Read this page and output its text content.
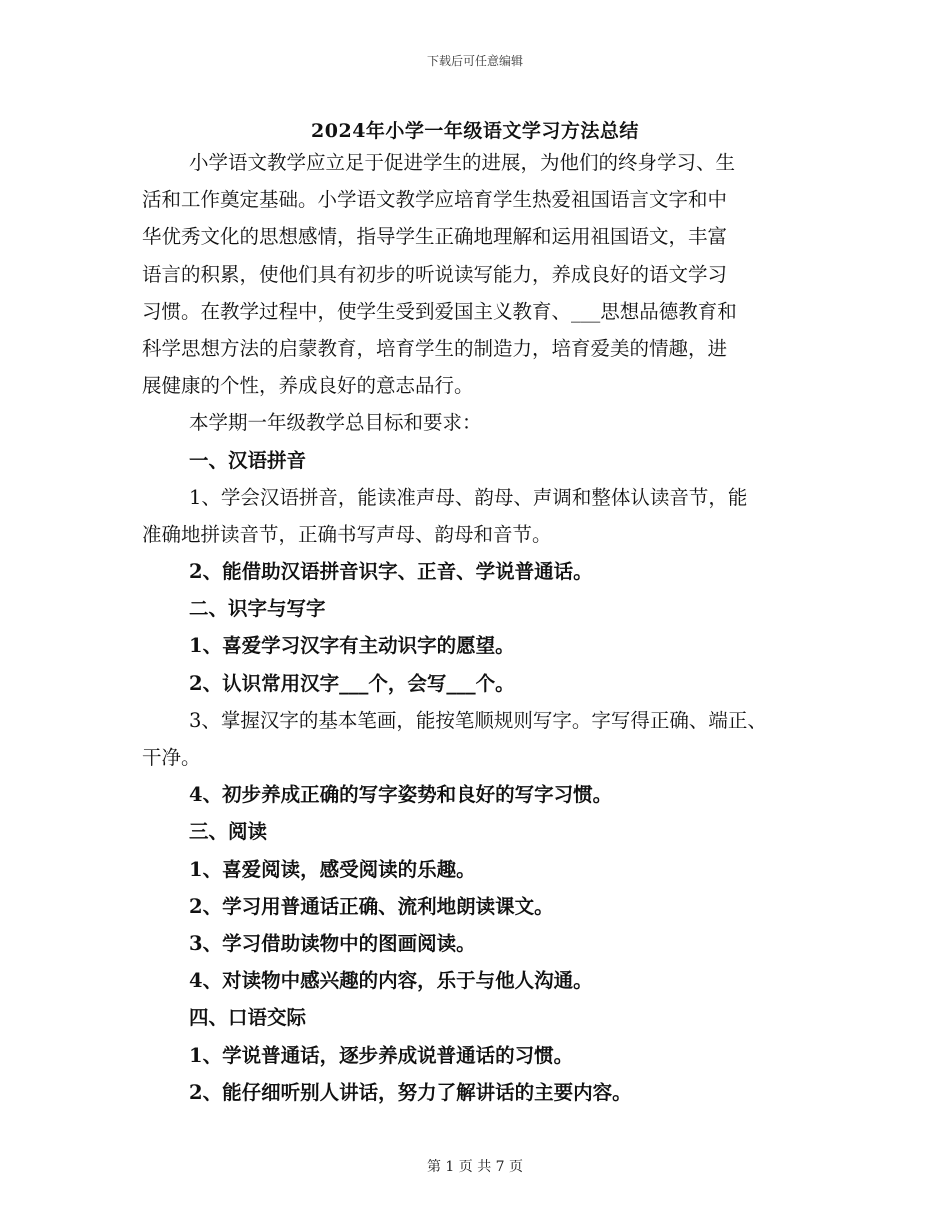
下载后可任意编辑
2024年小学一年级语文学习方法总结
小学语文教学应立足于促进学生的进展，为他们的终身学习、生
活和工作奠定基础。小学语文教学应培育学生热爱祖国语言文字和中
华优秀文化的思想感情，指导学生正确地理解和运用祖国语文，丰富
语言的积累，使他们具有初步的听说读写能力，养成良好的语文学习
习惯。在教学过程中，使学生受到爱国主义教育、___思想品德教育和
科学思想方法的启蒙教育，培育学生的制造力，培育爱美的情趣，进
展健康的个性，养成良好的意志品行。
本学期一年级教学总目标和要求：
一、汉语拼音
1、学会汉语拼音，能读准声母、韵母、声调和整体认读音节，能
准确地拼读音节，正确书写声母、韵母和音节。
2、能借助汉语拼音识字、正音、学说普通话。
二、识字与写字
1、喜爱学习汉字有主动识字的愿望。
2、认识常用汉字___个，会写___个。
3、掌握汉字的基本笔画，能按笔顺规则写字。字写得正确、端正、
干净。
4、初步养成正确的写字姿势和良好的写字习惯。
三、阅读
1、喜爱阅读，感受阅读的乐趣。
2、学习用普通话正确、流利地朗读课文。
3、学习借助读物中的图画阅读。
4、对读物中感兴趣的内容，乐于与他人沟通。
四、口语交际
1、学说普通话，逐步养成说普通话的习惯。
2、能仔细听别人讲话，努力了解讲话的主要内容。
第 1 页 共 7 页
